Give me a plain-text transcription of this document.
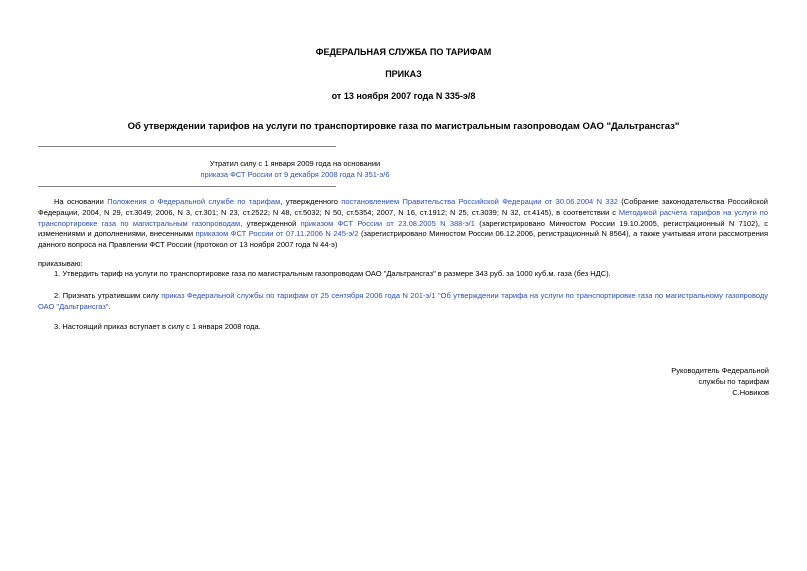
ФЕДЕРАЛЬНАЯ СЛУЖБА ПО ТАРИФАМ
ПРИКАЗ
от 13 ноября 2007 года N 335-э/8
Об утверждении тарифов на услуги по транспортировке газа по магистральным газопроводам ОАО "Дальтрансгаз"
Утратил силу с 1 января 2009 года на основании
приказа ФСТ России от 9 декабря 2008 года N 351-э/6
На основании Положения о Федеральной службе по тарифам, утвержденного постановлением Правительства Российской Федерации от 30.06.2004 N 332 (Собрание законодательства Российской Федерации, 2004, N 29, ст.3049; 2006, N 3, ст.301; N 23, ст.2522; N 48, ст.5032; N 50, ст.5354; 2007, N 16, ст.1912; N 25, ст.3039; N 32, ст.4145), в соответствии с Методикой расчета тарифов на услуги по транспортировке газа по магистральным газопроводам, утвержденной приказом ФСТ России от 23.08.2005 N 388-э/1 (зарегистрировано Минюстом России 19.10.2005, регистрационный N 7102), с изменениями и дополнениями, внесенными приказом ФСТ России от 07.11.2006 N 245-э/2 (зарегистрировано Минюстом России 06.12.2006, регистрационный N 8564), а также учитывая итоги рассмотрения данного вопроса на Правлении ФСТ России (протокол от 13 ноября 2007 года N 44-э)
приказываю:
1. Утвердить тариф на услуги по транспортировке газа по магистральным газопроводам ОАО "Дальтрансгаз" в размере 343 руб. за 1000 куб.м. газа (без НДС).
2. Признать утратившим силу приказ Федеральной службы по тарифам от 25 сентября 2006 года N 201-э/1 "Об утверждении тарифа на услуги по транспортировке газа по магистральному газопроводу ОАО "Дальтрансгаз".
3. Настоящий приказ вступает в силу с 1 января 2008 года.
Руководитель Федеральной
службы по тарифам
С.Новиков
